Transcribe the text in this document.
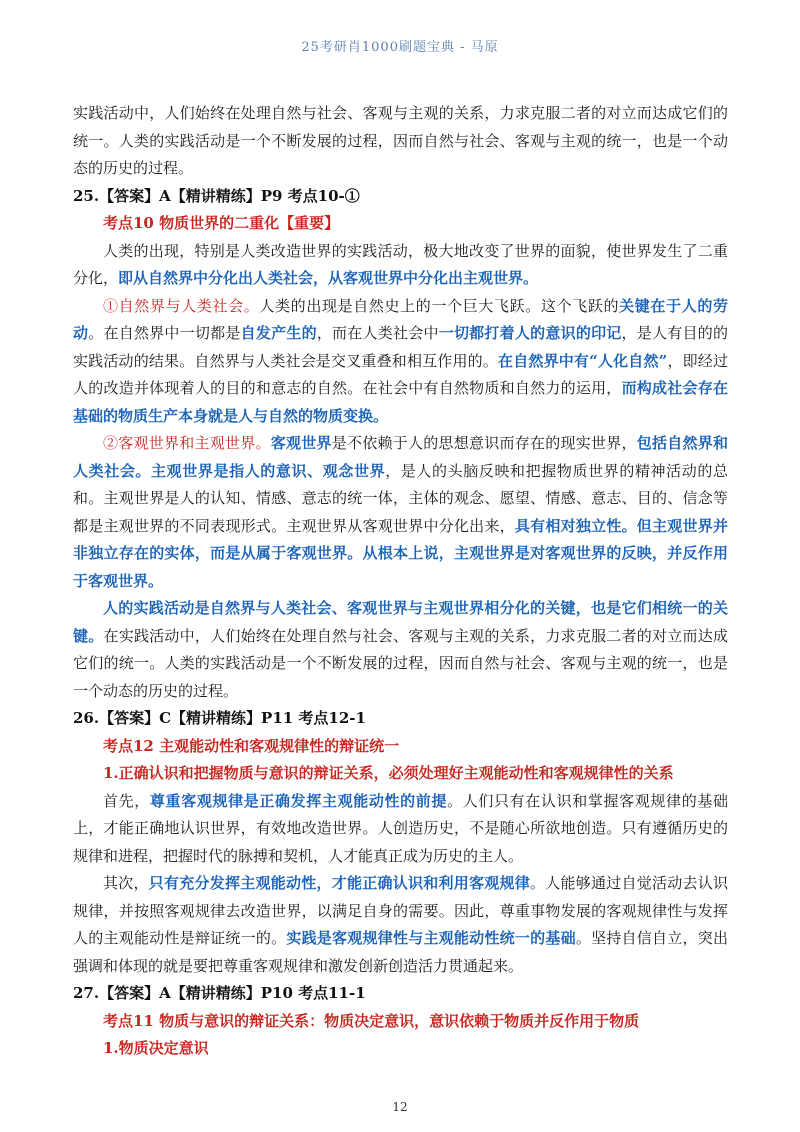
25考研肖1000刷题宝典 - 马原

实践活动中，人们始终在处理自然与社会、客观与主观的关系，力求克服二者的对立而达成它们的统一。人类的实践活动是一个不断发展的过程，因而自然与社会、客观与主观的统一，也是一个动态的历史的过程。

25.【答案】A【精讲精练】P9 考点10-①

考点10 物质世界的二重化【重要】

人类的出现，特别是人类改造世界的实践活动，极大地改变了世界的面貌，使世界发生了二重分化，即从自然界中分化出人类社会，从客观世界中分化出主观世界。

①自然界与人类社会。人类的出现是自然史上的一个巨大飞跃。这个飞跃的关键在于人的劳动。在自然界中一切都是自发产生的，而在人类社会中一切都打着人的意识的印记，是人有目的的实践活动的结果。自然界与人类社会是交叉重叠和相互作用的。在自然界中有“人化自然”，即经过人的改造并体现着人的目的和意志的自然。在社会中有自然物质和自然力的运用，而构成社会存在基础的物质生产本身就是人与自然的物质变换。

②客观世界和主观世界。客观世界是不依赖于人的思想意识而存在的现实世界，包括自然界和人类社会。主观世界是指人的意识、观念世界，是人的头脑反映和把握物质世界的精神活动的总和。主观世界是人的认知、情感、意志的统一体，主体的观念、愿望、情感、意志、目的、信念等都是主观世界的不同表现形式。主观世界从客观世界中分化出来，具有相对独立性。但主观世界并非独立存在的实体，而是从属于客观世界。从根本上说，主观世界是对客观世界的反映，并反作用于客观世界。

人的实践活动是自然界与人类社会、客观世界与主观世界相分化的关键，也是它们相统一的关键。在实践活动中，人们始终在处理自然与社会、客观与主观的关系，力求克服二者的对立而达成它们的统一。人类的实践活动是一个不断发展的过程，因而自然与社会、客观与主观的统一，也是一个动态的历史的过程。

26.【答案】C【精讲精练】P11 考点12-1

考点12 主观能动性和客观规律性的辩证统一

1.正确认识和把握物质与意识的辩证关系，必须处理好主观能动性和客观规律性的关系

首先，尊重客观规律是正确发挥主观能动性的前提。人们只有在认识和掌握客观规律的基础上，才能正确地认识世界，有效地改造世界。人创造历史，不是随心所欲地创造。只有遵循历史的规律和进程，把握时代的脉搏和契机，人才能真正成为历史的主人。

其次，只有充分发挥主观能动性，才能正确认识和利用客观规律。人能够通过自觉活动去认识规律，并按照客观规律去改造世界，以满足自身的需要。因此，尊重事物发展的客观规律性与发挥人的主观能动性是辩证统一的。实践是客观规律性与主观能动性统一的基础。坚持自信自立，突出强调和体现的就是要把尊重客观规律和激发创新创造活力贯通起来。

27.【答案】A【精讲精练】P10 考点11-1

考点11 物质与意识的辩证关系：物质决定意识，意识依赖于物质并反作用于物质

1.物质决定意识

12
